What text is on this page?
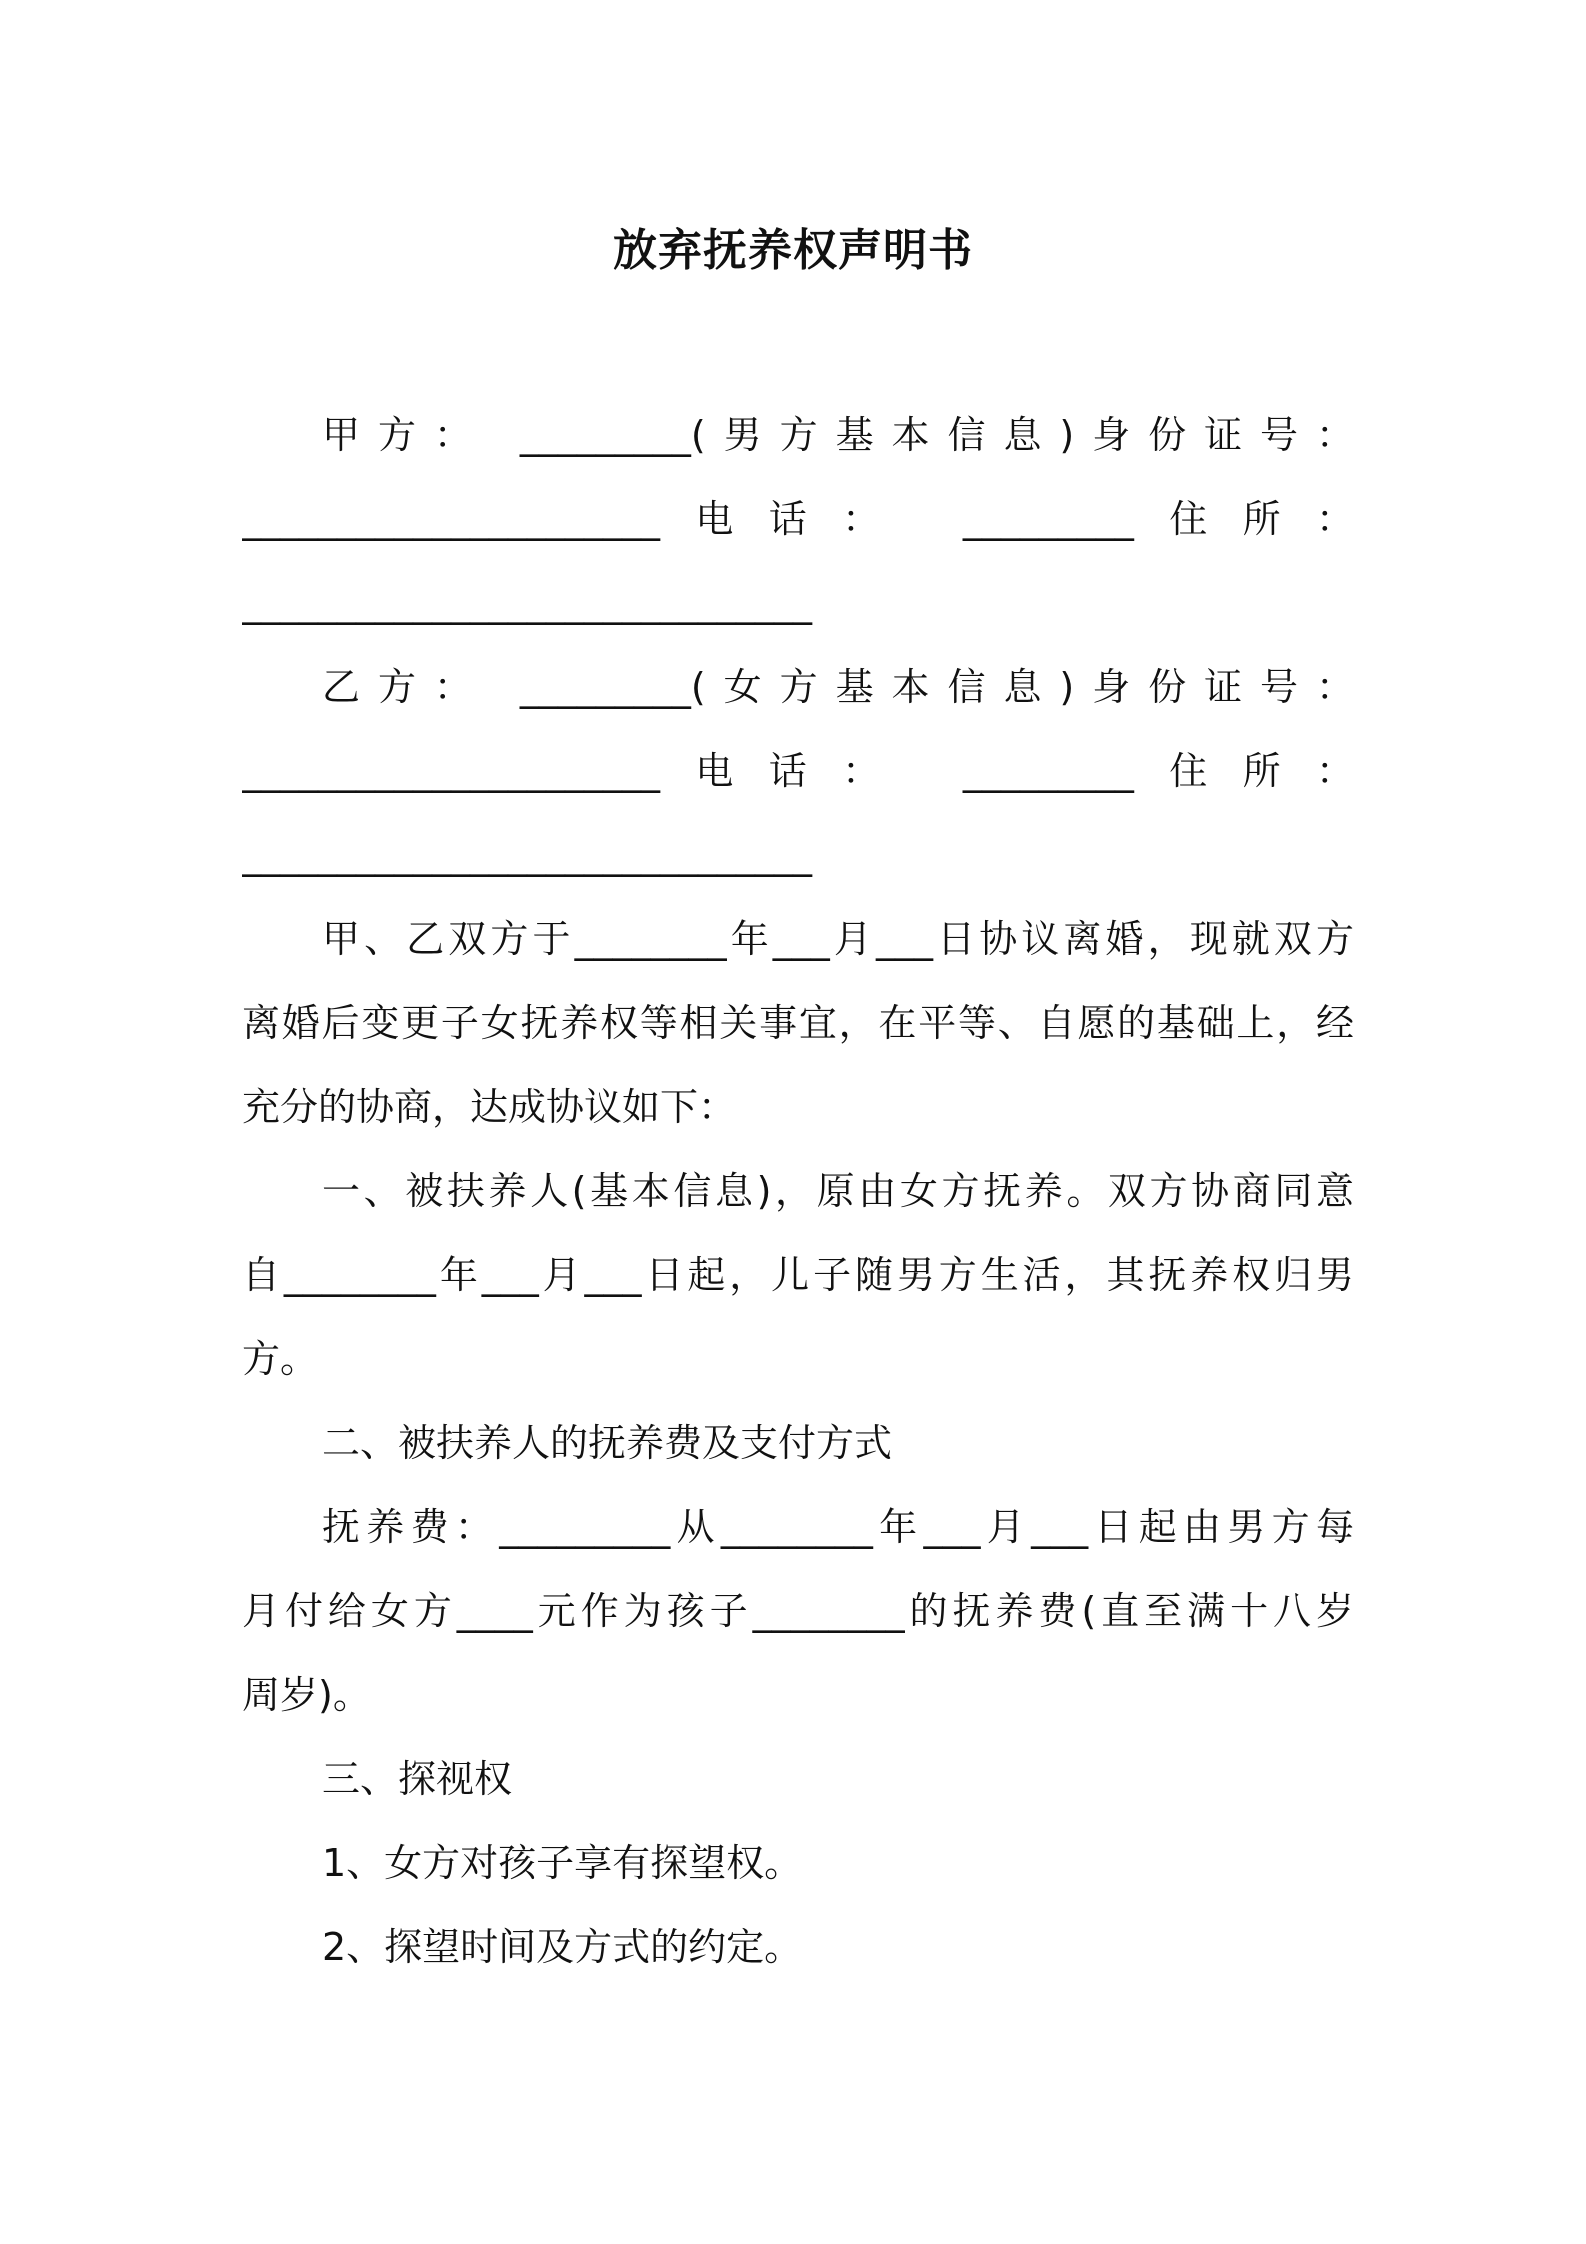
放弃抚养权声明书
甲方： _________(男方基本信息)身份证号：
______________________电话： _________住所：
______________________________
乙方： _________(女方基本信息)身份证号：
______________________电话： _________住所：
______________________________
甲、乙双方于________年___月___日协议离婚，现就双方
离婚后变更子女抚养权等相关事宜，在平等、自愿的基础上，经
充分的协商，达成协议如下：
一、被扶养人(基本信息)，原由女方抚养。双方协商同意
自________年___月___日起，儿子随男方生活，其抚养权归男
方。
二、被扶养人的抚养费及支付方式
抚养费：_________从________年___月___日起由男方每
月付给女方____元作为孩子________的抚养费(直至满十八岁
周岁)。
三、探视权
1、女方对孩子享有探望权。
2、探望时间及方式的约定。
